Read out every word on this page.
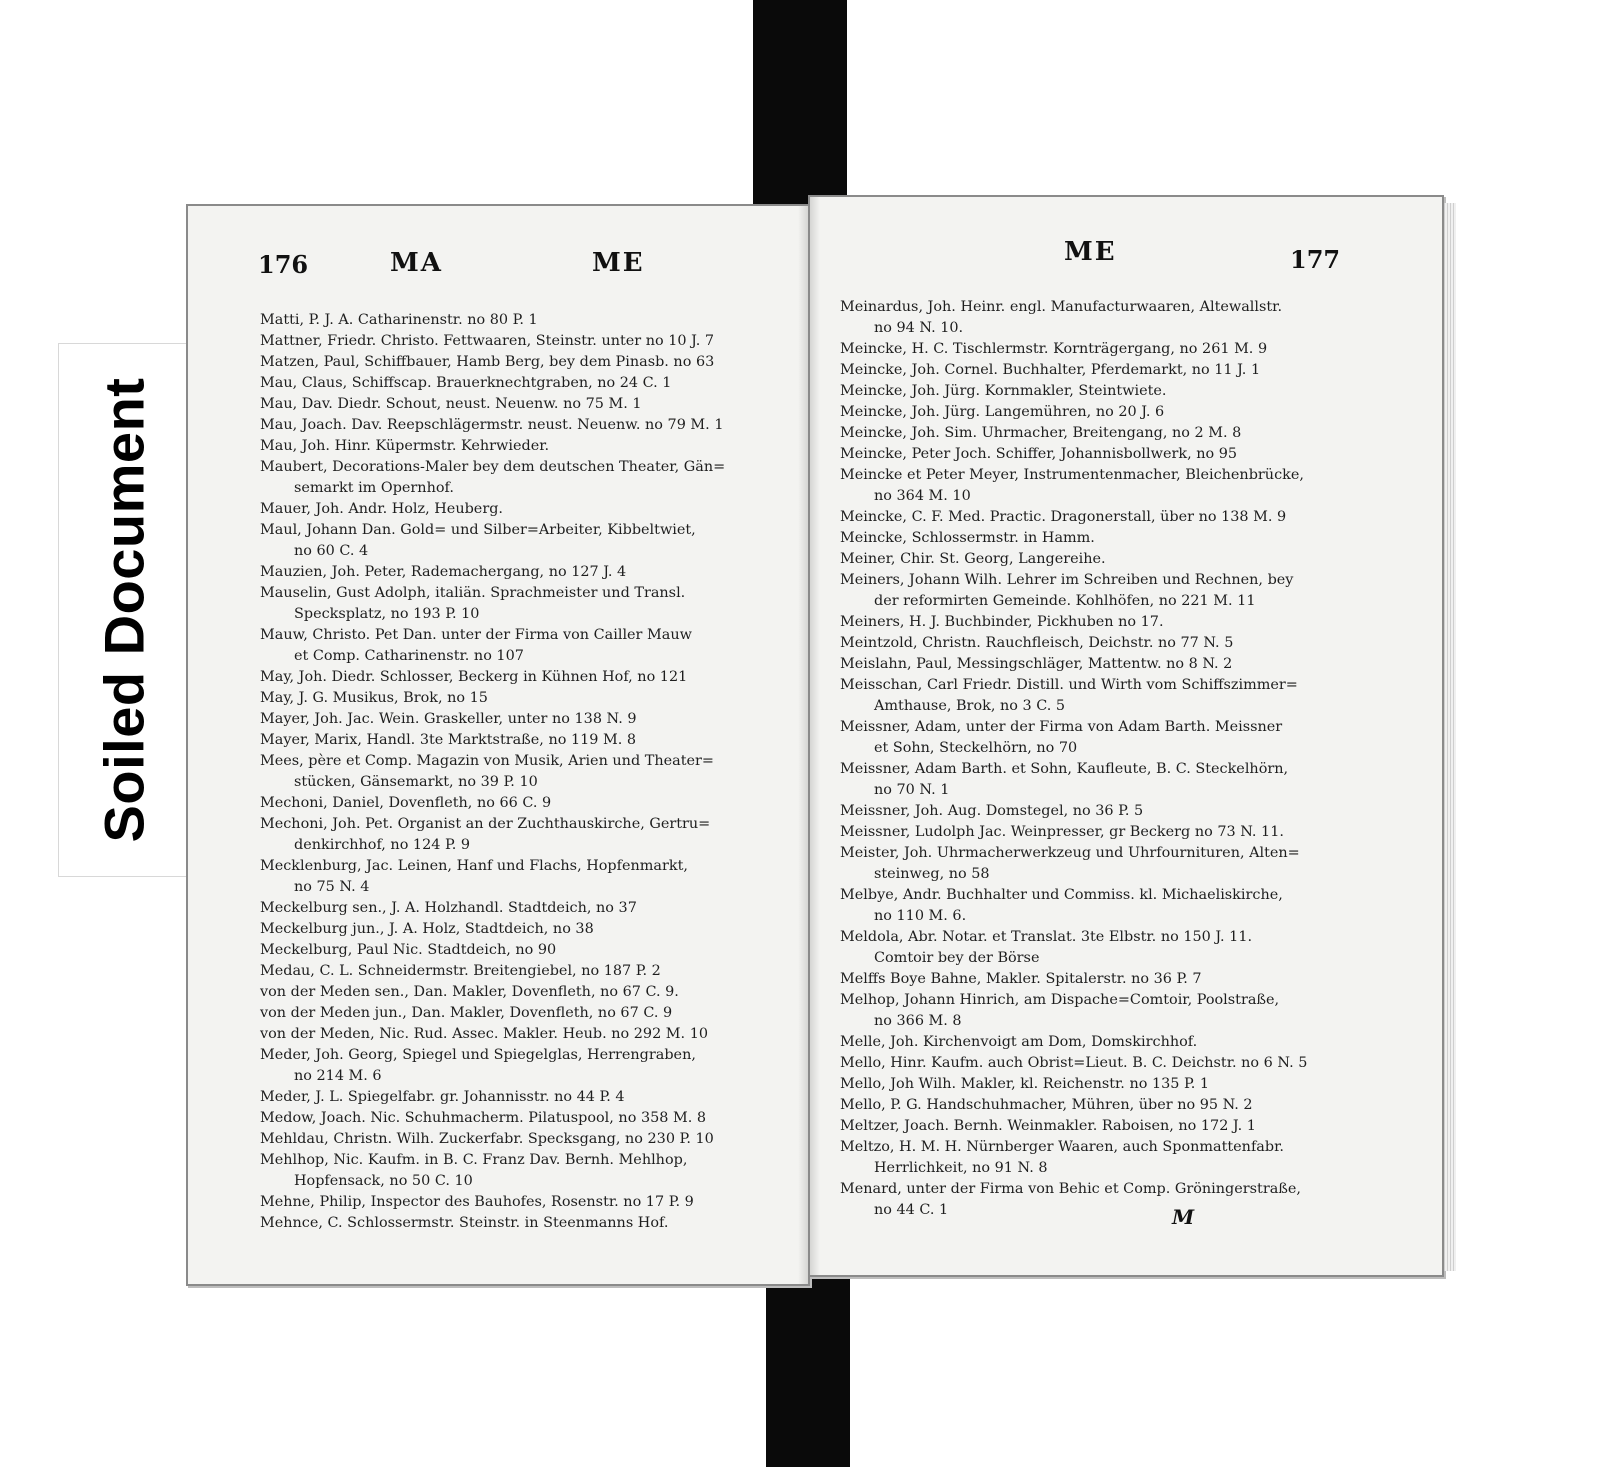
Soiled Document
176	MA	ME
Matti, P. J. A. Catharinenstr. no 80 P. 1
Mattner, Friedr. Christo. Fettwaaren, Steinstr. unter no 10 J. 7
Matzen, Paul, Schiffbauer, Hamb Berg, bey dem Pinasb. no 63
Mau, Claus, Schiffscap. Brauerknechtgraben, no 24 C. 1
Mau, Dav. Diedr. Schout, neust. Neuenw. no 75 M. 1
Mau, Joach. Dav. Reepschlägermstr. neust. Neuenw. no 79 M. 1
Mau, Joh. Hinr. Küpermstr. Kehrwieder.
Maubert, Decorations-Maler bey dem deutschen Theater, Gän=
semarkt im Opernhof.
Mauer, Joh. Andr. Holz, Heuberg.
Maul, Johann Dan. Gold= und Silber=Arbeiter, Kibbeltwiet,
no 60 C. 4
Mauzien, Joh. Peter, Rademachergang, no 127 J. 4
Mauselin, Gust Adolph, italiän. Sprachmeister und Transl.
Specksplatz, no 193 P. 10
Mauw, Christo. Pet Dan. unter der Firma von Cailler Mauw
et Comp. Catharinenstr. no 107
May, Joh. Diedr. Schlosser, Beckerg in Kühnen Hof, no 121
May, J. G. Musikus, Brok, no 15
Mayer, Joh. Jac. Wein. Graskeller, unter no 138 N. 9
Mayer, Marix, Handl. 3te Marktstraße, no 119 M. 8
Mees, père et Comp. Magazin von Musik, Arien und Theater=
stücken, Gänsemarkt, no 39 P. 10
Mechoni, Daniel, Dovenfleth, no 66 C. 9
Mechoni, Joh. Pet. Organist an der Zuchthauskirche, Gertru=
denkirchhof, no 124 P. 9
Mecklenburg, Jac. Leinen, Hanf und Flachs, Hopfenmarkt,
no 75 N. 4
Meckelburg sen., J. A. Holzhandl. Stadtdeich, no 37
Meckelburg jun., J. A. Holz, Stadtdeich, no 38
Meckelburg, Paul Nic. Stadtdeich, no 90
Medau, C. L. Schneidermstr. Breitengiebel, no 187 P. 2
von der Meden sen., Dan. Makler, Dovenfleth, no 67 C. 9.
von der Meden jun., Dan. Makler, Dovenfleth, no 67 C. 9
von der Meden, Nic. Rud. Assec. Makler. Heub. no 292 M. 10
Meder, Joh. Georg, Spiegel und Spiegelglas, Herrengraben,
no 214 M. 6
Meder, J. L. Spiegelfabr. gr. Johannisstr. no 44 P. 4
Medow, Joach. Nic. Schuhmacherm. Pilatuspool, no 358 M. 8
Mehldau, Christn. Wilh. Zuckerfabr. Specksgang, no 230 P. 10
Mehlhop, Nic. Kaufm. in B. C. Franz Dav. Bernh. Mehlhop,
Hopfensack, no 50 C. 10
Mehne, Philip, Inspector des Bauhofes, Rosenstr. no 17 P. 9
Mehnce, C. Schlossermstr. Steinstr. in Steenmanns Hof.
ME	177
Meinardus, Joh. Heinr. engl. Manufacturwaaren, Altewallstr.
no 94 N. 10.
Meincke, H. C. Tischlermstr. Kornträgergang, no 261 M. 9
Meincke, Joh. Cornel. Buchhalter, Pferdemarkt, no 11 J. 1
Meincke, Joh. Jürg. Kornmakler, Steintwiete.
Meincke, Joh. Jürg. Langemühren, no 20 J. 6
Meincke, Joh. Sim. Uhrmacher, Breitengang, no 2 M. 8
Meincke, Peter Joch. Schiffer, Johannisbollwerk, no 95
Meincke et Peter Meyer, Instrumentenmacher, Bleichenbrücke,
no 364 M. 10
Meincke, C. F. Med. Practic. Dragonerstall, über no 138 M. 9
Meincke, Schlossermstr. in Hamm.
Meiner, Chir. St. Georg, Langereihe.
Meiners, Johann Wilh. Lehrer im Schreiben und Rechnen, bey
der reformirten Gemeinde. Kohlhöfen, no 221 M. 11
Meiners, H. J. Buchbinder, Pickhuben no 17.
Meintzold, Christn. Rauchfleisch, Deichstr. no 77 N. 5
Meislahn, Paul, Messingschläger, Mattentw. no 8 N. 2
Meisschan, Carl Friedr. Distill. und Wirth vom Schiffszimmer=
Amthause, Brok, no 3 C. 5
Meissner, Adam, unter der Firma von Adam Barth. Meissner
et Sohn, Steckelhörn, no 70
Meissner, Adam Barth. et Sohn, Kaufleute, B. C. Steckelhörn,
no 70 N. 1
Meissner, Joh. Aug. Domstegel, no 36 P. 5
Meissner, Ludolph Jac. Weinpresser, gr Beckerg no 73 N. 11.
Meister, Joh. Uhrmacherwerkzeug und Uhrfournituren, Alten=
steinweg, no 58
Melbye, Andr. Buchhalter und Commiss. kl. Michaeliskirche,
no 110 M. 6.
Meldola, Abr. Notar. et Translat. 3te Elbstr. no 150 J. 11.
Comtoir bey der Börse
Melffs Boye Bahne, Makler. Spitalerstr. no 36 P. 7
Melhop, Johann Hinrich, am Dispache=Comtoir, Poolstraße,
no 366 M. 8
Melle, Joh. Kirchenvoigt am Dom, Domskirchhof.
Mello, Hinr. Kaufm. auch Obrist=Lieut. B. C. Deichstr. no 6 N. 5
Mello, Joh Wilh. Makler, kl. Reichenstr. no 135 P. 1
Mello, P. G. Handschuhmacher, Mühren, über no 95 N. 2
Meltzer, Joach. Bernh. Weinmakler. Raboisen, no 172 J. 1
Meltzo, H. M. H. Nürnberger Waaren, auch Sponmattenfabr.
Herrlichkeit, no 91 N. 8
Menard, unter der Firma von Behic et Comp. Gröningerstraße,
no 44 C. 1	M
